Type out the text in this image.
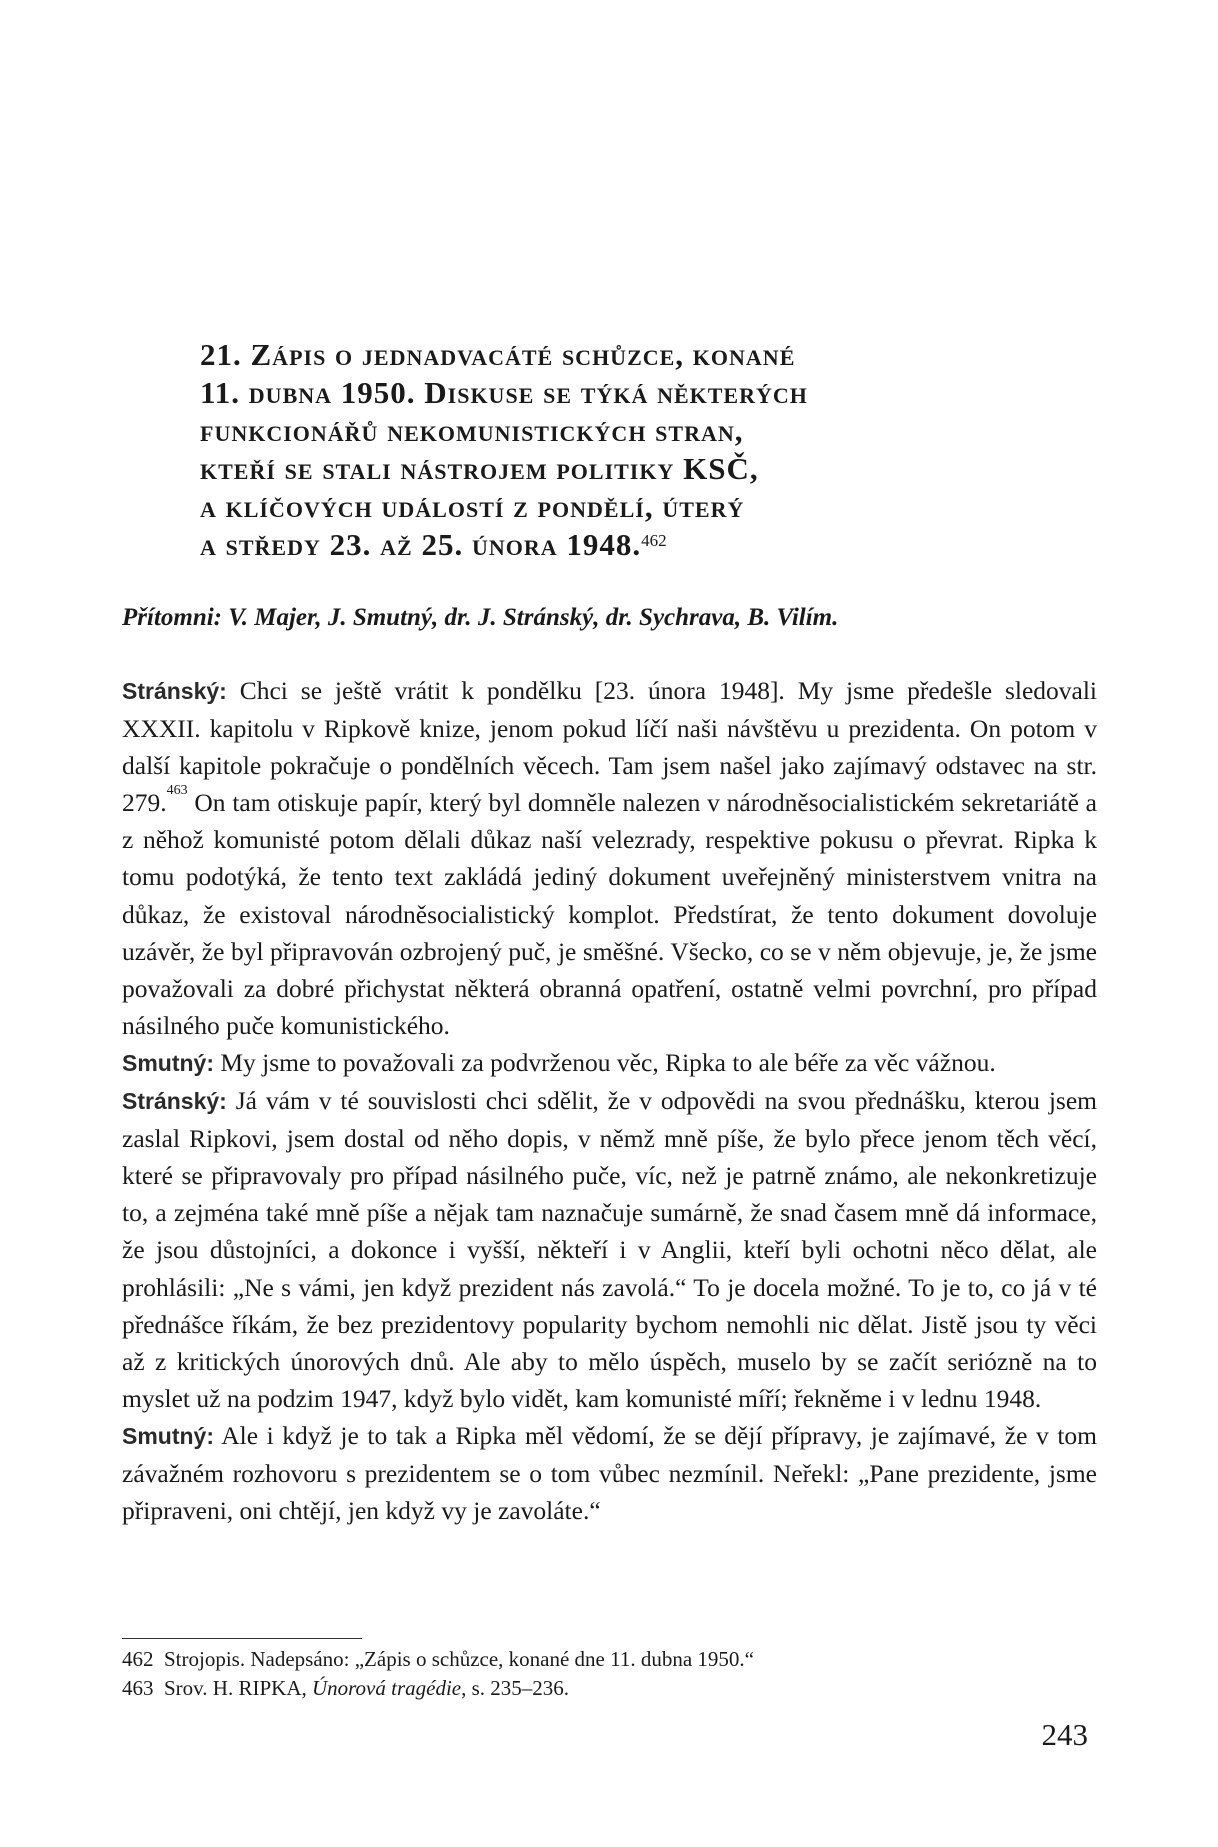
21. Zápis o jednadvacáté schůzce, konané
11. dubna 1950. Diskuse se týká některých
funkcionářů nekomunistických stran,
kteří se stali nástrojem politiky KSČ,
a klíčových událostí z pondělí, úterý
a středy 23. až 25. února 1948.$^{462}$
Přítomni: V. Majer, J. Smutný, dr. J. Stránský, dr. Sychrava, B. Vilím.

Stránský: Chci se ještě vrátit k pondělku [23. února 1948]. My jsme předešle sledovali XXXII. kapitolu v Ripkově knize, jenom pokud líčí naši návštěvu u prezidenta. On potom v další kapitole pokračuje o pondělních věcech. Tam jsem našel jako zajímavý odstavec na str. 279.$^{463}$ On tam otiskuje papír, který byl domněle nalezen v národněsocialistickém sekretariátě a z něhož komunisté potom dělali důkaz naší velezrady, respektive pokusu o převrat. Ripka k tomu podotýká, že tento text zakládá jediný dokument uveřejněný ministerstvem vnitra na důkaz, že existoval národněsocialistický komplot. Předstírat, že tento dokument dovoluje uzávěr, že byl připravován ozbrojený puč, je směšné. Všecko, co se v něm objevuje, je, že jsme považovali za dobré přichystat některá obranná opatření, ostatně velmi povrchní, pro případ násilného puče komunistického.

Smutný: My jsme to považovali za podvrženou věc, Ripka to ale béře za věc vážnou.

Stránský: Já vám v té souvislosti chci sdělit, že v odpovědi na svou přednášku, kterou jsem zaslal Ripkovi, jsem dostal od něho dopis, v němž mně píše, že bylo přece jenom těch věcí, které se připravovaly pro případ násilného puče, víc, než je patrně známo, ale nekonkretizuje to, a zejména také mně píše a nějak tam naznačuje sumárně, že snad časem mně dá informace, že jsou důstojníci, a dokonce i vyšší, někteří i v Anglii, kteří byli ochotni něco dělat, ale prohlásili: „Ne s vámi, jen když prezident nás zavolá.“ To je docela možné. To je to, co já v té přednášce říkám, že bez prezidentovy popularity bychom nemohli nic dělat. Jistě jsou ty věci až z kritických únorových dnů. Ale aby to mělo úspěch, muselo by se začít seriózně na to myslet už na podzim 1947, když bylo vidět, kam komunisté míří; řekněme i v lednu 1948.

Smutný: Ale i když je to tak a Ripka měl vědomí, že se dějí přípravy, je zajímavé, že v tom závažném rozhovoru s prezidentem se o tom vůbec nezmínil. Neřekl: „Pane prezidente, jsme připraveni, oni chtějí, jen když vy je zavoláte.“

462 Strojopis. Nadepsáno: „Zápis o schůzce, konané dne 11. dubna 1950.“
463 Srov. H. RIPKA, Únorová tragédie, s. 235–236.
243
